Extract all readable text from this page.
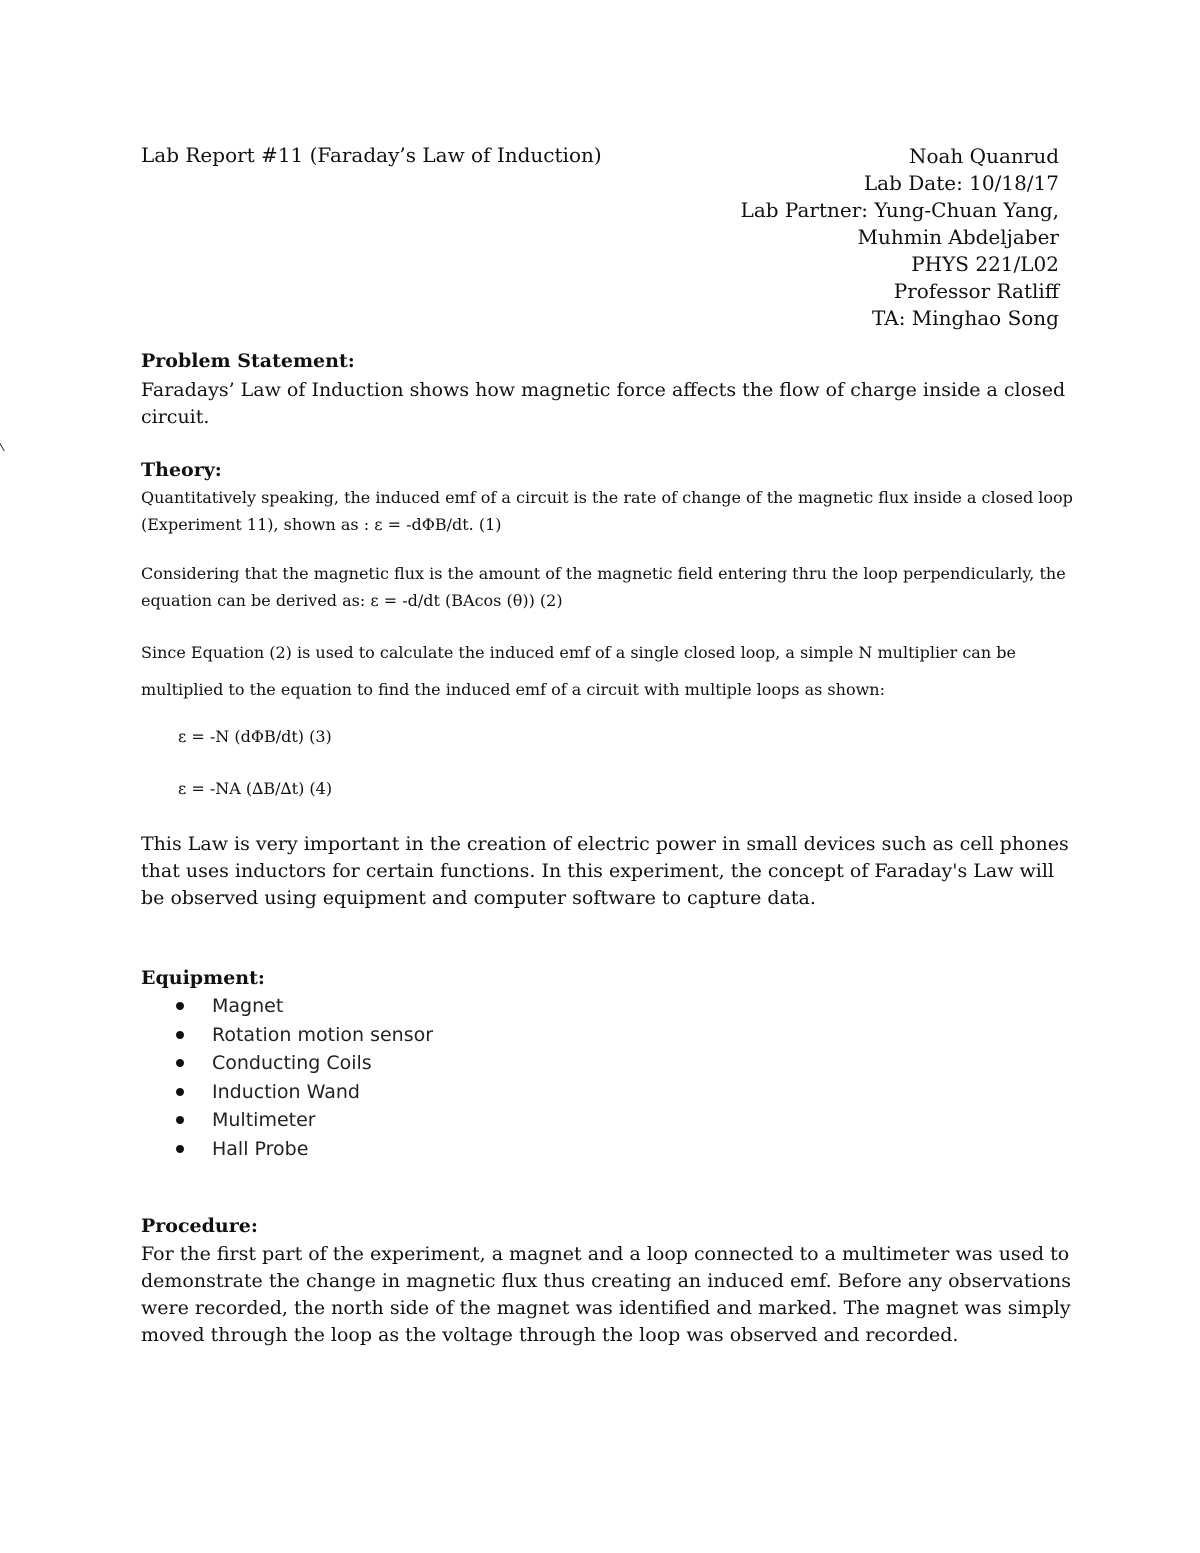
Lab Report #11 (Faraday’s Law of Induction)	Noah Quanrud
Lab Date: 10/18/17
Lab Partner: Yung-Chuan Yang,
Muhmin Abdeljaber
PHYS 221/L02
Professor Ratliff
TA: Minghao Song
Problem Statement:
Faradays’ Law of Induction shows how magnetic force affects the flow of charge inside a closed circuit.
Theory:
Quantitatively speaking, the induced emf of a circuit is the rate of change of the magnetic flux inside a closed loop (Experiment 11), shown as : ε = -dΦB/dt. (1)
Considering that the magnetic flux is the amount of the magnetic field entering thru the loop perpendicularly, the equation can be derived as: ε = -d/dt (BAcos (θ)) (2)
Since Equation (2) is used to calculate the induced emf of a single closed loop, a simple N multiplier can be multiplied to the equation to find the induced emf of a circuit with multiple loops as shown:
ε = -N (dΦB/dt) (3)
ε = -NA (∆B/∆t) (4)
This Law is very important in the creation of electric power in small devices such as cell phones that uses inductors for certain functions. In this experiment, the concept of Faraday's Law will be observed using equipment and computer software to capture data.
Equipment:
Magnet
Rotation motion sensor
Conducting Coils
Induction Wand
Multimeter
Hall Probe
Procedure:
For the first part of the experiment, a magnet and a loop connected to a multimeter was used to demonstrate the change in magnetic flux thus creating an induced emf. Before any observations were recorded, the north side of the magnet was identified and marked. The magnet was simply moved through the loop as the voltage through the loop was observed and recorded.
